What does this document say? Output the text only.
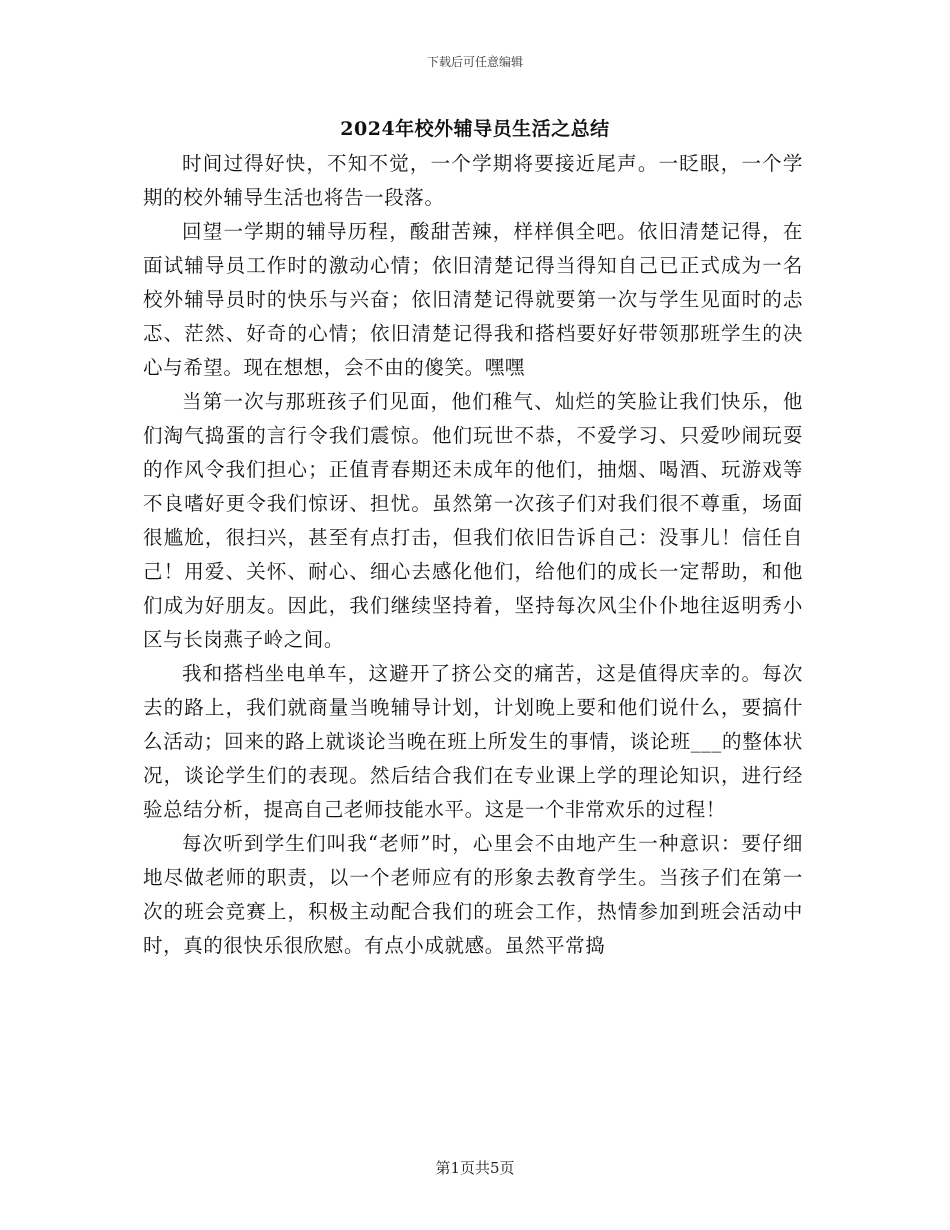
下载后可任意编辑
2024年校外辅导员生活之总结

时间过得好快，不知不觉，一个学期将要接近尾声。一眨眼，一个学期的校外辅导生活也将告一段落。

回望一学期的辅导历程，酸甜苦辣，样样俱全吧。依旧清楚记得，在面试辅导员工作时的激动心情；依旧清楚记得当得知自己已正式成为一名校外辅导员时的快乐与兴奋；依旧清楚记得就要第一次与学生见面时的忐忑、茫然、好奇的心情；依旧清楚记得我和搭档要好好带领那班学生的决心与希望。现在想想，会不由的傻笑。嘿嘿

当第一次与那班孩子们见面，他们稚气、灿烂的笑脸让我们快乐，他们淘气捣蛋的言行令我们震惊。他们玩世不恭，不爱学习、只爱吵闹玩耍的作风令我们担心；正值青春期还未成年的他们，抽烟、喝酒、玩游戏等不良嗜好更令我们惊讶、担忧。虽然第一次孩子们对我们很不尊重，场面很尴尬，很扫兴，甚至有点打击，但我们依旧告诉自己：没事儿！信任自己！用爱、关怀、耐心、细心去感化他们，给他们的成长一定帮助，和他们成为好朋友。因此，我们继续坚持着，坚持每次风尘仆仆地往返明秀小区与长岗燕子岭之间。

我和搭档坐电单车，这避开了挤公交的痛苦，这是值得庆幸的。每次去的路上，我们就商量当晚辅导计划，计划晚上要和他们说什么，要搞什么活动；回来的路上就谈论当晚在班上所发生的事情，谈论班___的整体状况，谈论学生们的表现。然后结合我们在专业课上学的理论知识，进行经验总结分析，提高自己老师技能水平。这是一个非常欢乐的过程！

每次听到学生们叫我“老师”时，心里会不由地产生一种意识：要仔细地尽做老师的职责，以一个老师应有的形象去教育学生。当孩子们在第一次的班会竞赛上，积极主动配合我们的班会工作，热情参加到班会活动中时，真的很快乐很欣慰。有点小成就感。虽然平常捣

第1页共5页
